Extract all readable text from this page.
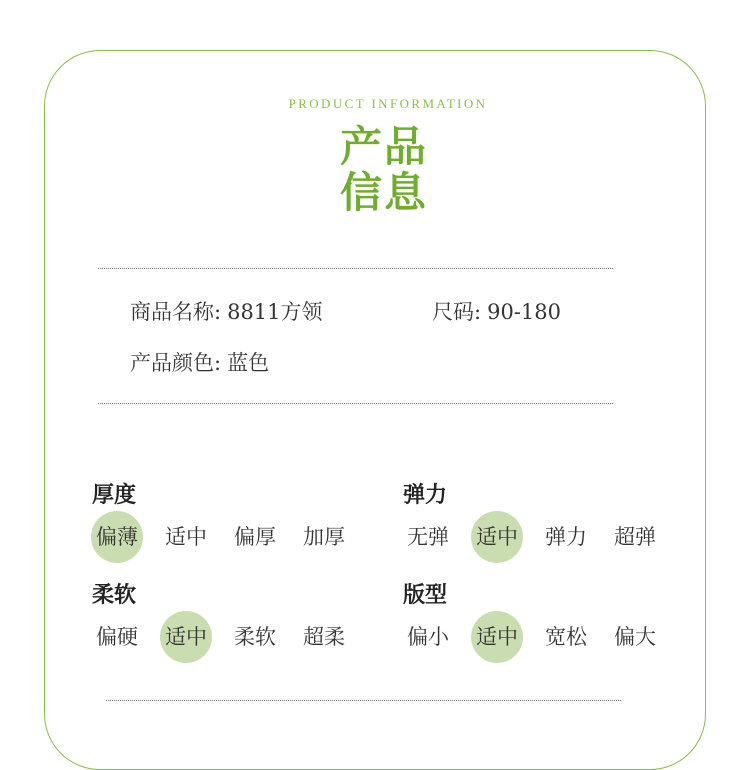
PRODUCT INFORMATION
产品
信息
商品名称: 8811方领	尺码: 90-180
产品颜色: 蓝色
厚度
偏薄 适中 偏厚 加厚
弹力
无弹 适中 弹力 超弹
柔软
偏硬 适中 柔软 超柔
版型
偏小 适中 宽松 偏大
